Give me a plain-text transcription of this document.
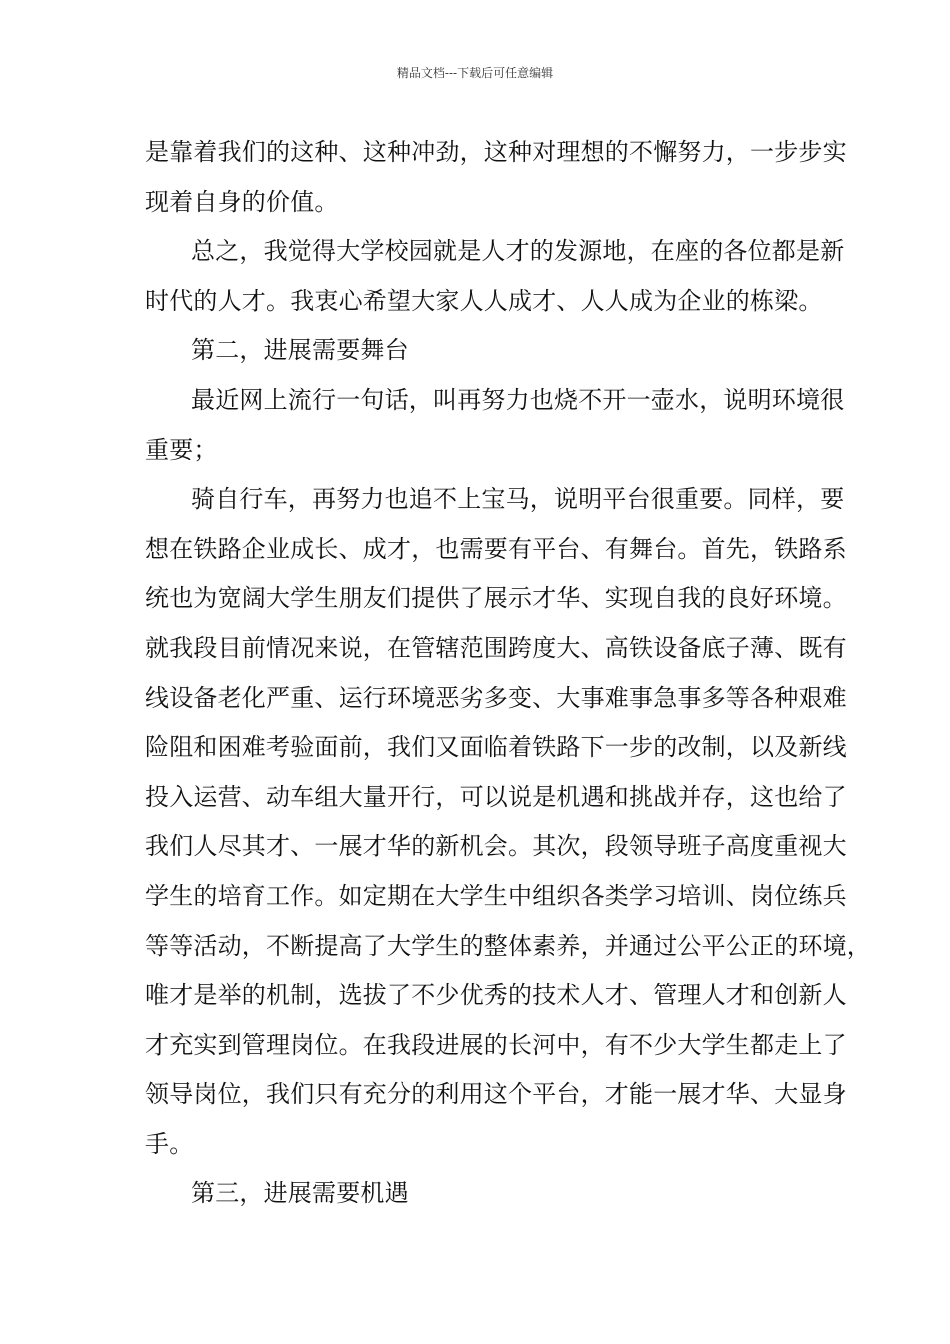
精品文档---下载后可任意编辑
是靠着我们的这种、这种冲劲，这种对理想的不懈努力，一步步实
现着自身的价值。
总之，我觉得大学校园就是人才的发源地，在座的各位都是新
时代的人才。我衷心希望大家人人成才、人人成为企业的栋梁。
第二，进展需要舞台
最近网上流行一句话，叫再努力也烧不开一壶水，说明环境很
重要；
骑自行车，再努力也追不上宝马，说明平台很重要。同样，要
想在铁路企业成长、成才，也需要有平台、有舞台。首先，铁路系
统也为宽阔大学生朋友们提供了展示才华、实现自我的良好环境。
就我段目前情况来说，在管辖范围跨度大、高铁设备底子薄、既有
线设备老化严重、运行环境恶劣多变、大事难事急事多等各种艰难
险阻和困难考验面前，我们又面临着铁路下一步的改制，以及新线
投入运营、动车组大量开行，可以说是机遇和挑战并存，这也给了
我们人尽其才、一展才华的新机会。其次，段领导班子高度重视大
学生的培育工作。如定期在大学生中组织各类学习培训、岗位练兵
等等活动，不断提高了大学生的整体素养，并通过公平公正的环境，
唯才是举的机制，选拔了不少优秀的技术人才、管理人才和创新人
才充实到管理岗位。在我段进展的长河中，有不少大学生都走上了
领导岗位，我们只有充分的利用这个平台，才能一展才华、大显身
手。
第三，进展需要机遇
